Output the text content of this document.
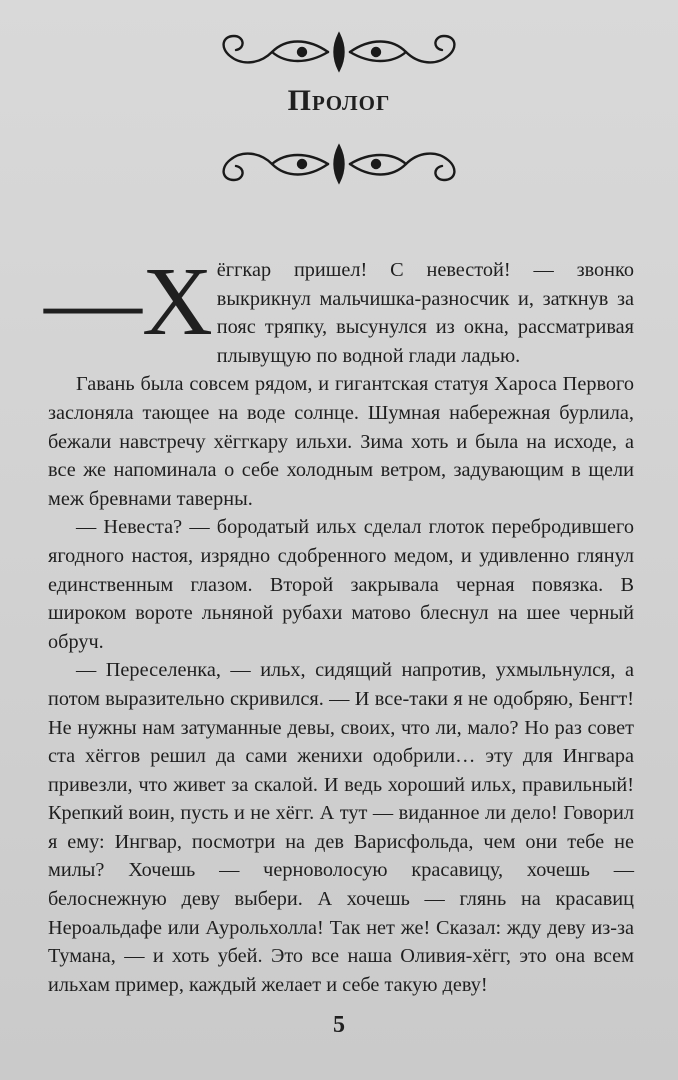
Пролог

—Х ёггкар пришел! С невестой! — звонко выкрикнул мальчишка-разносчик и, заткнув за пояс тряпку, высунулся из окна, рассматривая плывущую по водной глади ладью.

Гавань была совсем рядом, и гигантская статуя Хароса Первого заслоняла тающее на воде солнце. Шумная набережная бурлила, бежали навстречу хёггкару ильхи. Зима хоть и была на исходе, а все же напоминала о себе холодным ветром, задувающим в щели меж бревнами таверны.

— Невеста? — бородатый ильх сделал глоток перебродившего ягодного настоя, изрядно сдобренного медом, и удивленно глянул единственным глазом. Второй закрывала черная повязка. В широком вороте льняной рубахи матово блеснул на шее черный обруч.

— Переселенка, — ильх, сидящий напротив, ухмыльнулся, а потом выразительно скривился. — И все-таки я не одобряю, Бенгт! Не нужны нам затуманные девы, своих, что ли, мало? Но раз совет ста хёггов решил да сами женихи одобрили… эту для Ингвара привезли, что живет за скалой. И ведь хороший ильх, правильный! Крепкий воин, пусть и не хёгг. А тут — виданное ли дело! Говорил я ему: Ингвар, посмотри на дев Варисфольда, чем они тебе не милы? Хочешь — черноволосую красавицу, хочешь — белоснежную деву выбери. А хочешь — глянь на красавиц Нероальдафе или Аурольхолла! Так нет же! Сказал: жду деву из-за Тумана, — и хоть убей. Это все наша Оливия-хёгг, это она всем ильхам пример, каждый желает и себе такую деву!

5
